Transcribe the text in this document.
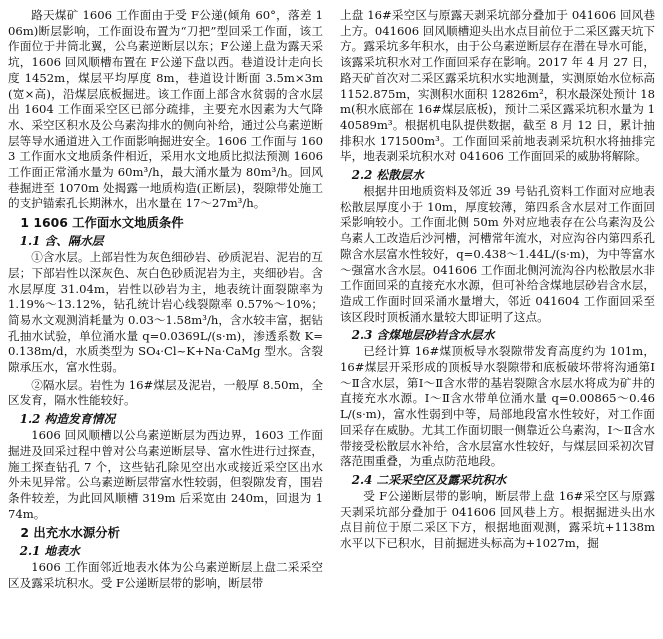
路天煤矿 1606 工作面由于受 F公递(倾角 60°，落差 106m)断层影响，工作面设布置为“刀把”型回采工作面，该工作面位于井筒北翼，公乌素逆断层以东；F公递上盘为露天采坑，1606 回风顺槽布置在 F公递下盘以西。巷道设计走向长度 1452m，煤层平均厚度 8m，巷道设计断面 3.5m×3m(宽×高)，沿煤层底板掘进。该工作面上部含水贫弱的含水层出 1604 工作面采空区已部分疏排，主要充水因素为大气降水、采空区积水及公乌素沟排水的侧向补给，通过公乌素逆断层等导水通道进入工作面影响掘进安全。1606 工作面与 1603 工作面水文地质条件相近，采用水文地质比拟法预测 1606 工作面正常涌水量为 60m³/h，最大涌水量为 80m³/h。回风巷掘进至 1070m 处揭露一地质构造(正断层)，裂隙带处施工的支护锚索孔长期淋水，出水量在 17～27m³/h。

1 1606 工作面水文地质条件
1.1 含、隔水层

①含水层。上部岩性为灰色细砂岩、砂质泥岩、泥岩的互层；下部岩性以深灰色、灰白色砂质泥岩为主，夹细砂岩。含水层厚度 31.04m，岩性以砂岩为主，地表统计面裂隙率为 1.19%～13.12%，钻孔统计岩心线裂隙率 0.57%～10%；简易水文观测消耗量为 0.03～1.58m³/h，含水较丰富，据钻孔抽水试验，单位涌水量 q=0.0369L/(s·m)，渗透系数 K=0.138m/d，水质类型为 SO₄·Cl~K+Na·CaMg 型水。含裂隙承压水，富水性弱。

②隔水层。岩性为 16#煤层及泥岩，一般厚 8.50m，全区发育，隔水性能较好。

1.2 构造发育情况

1606 回风顺槽以公乌素逆断层为西边界，1603 工作面掘进及回采过程中曾对公乌素逆断层导、富水性进行过探查，施工探查钻孔 7 个，这些钻孔除见空出水或接近采空区出水外未见异常。公乌素逆断层带富水性较弱，但裂隙发育，围岩条件较差，为此回风顺槽 319m 后采宽由 240m，回退为 174m。

2 出充水水源分析
2.1 地表水

1606 工作面邻近地表水体为公乌素逆断层上盘二采采空区及露采坑积水。受 F公递断层带的影响，断层带

上盘 16#采空区与原露天剥采坑部分叠加于 041606 回风巷上方。041606 回风顺槽迎头出水点目前位于二采区露天坑下方。露采坑多年积水，由于公乌素逆断层存在潜在导水可能，该露采坑积水对工作面回采存在影响。2017 年 4 月 27 日，路天矿首次对二采区露采坑积水实地测量，实测原始水位标高 1152.875m，实测积水面积 12826m²，积水最深处预计 18m(积水底部在 16#煤层底板)，预计二采区露采坑积水量为 140589m³。根据机电队提供数据，截至 8 月 12 日，累计抽排积水 171500m³。工作面回采前地表剥采坑积水将抽排完毕，地表剥采坑积水对 041606 工作面回采的威胁将解除。

2.2 松散层水

根据井田地质资料及邻近 39 号钻孔资料工作面对应地表松散层厚度小于 10m，厚度较薄，第四系含水层对工作面回采影响较小。工作面北侧 50m 外对应地表存在公乌素沟及公乌素人工改造后沙河槽，河槽常年流水，对应沟谷内第四系孔隙含水层富水性较好，q=0.438～1.44L/(s·m)，为中等富水～强富水含水层。041606 工作面北侧河流沟谷内松散层水非工作面回采的直接充水水源，但可补给含煤地层砂岩含水层，造成工作面时回采涌水量增大，邻近 041604 工作面回采至该区段时顶板涌水量较大即证明了这点。

2.3 含煤地层砂岩含水层水

已经计算 16#煤顶板导水裂隙带发育高度约为 101m，16#煤层开采形成的顶板导水裂隙带和底板破坏带将沟通第Ⅰ～Ⅱ含水层，第Ⅰ～Ⅱ含水带的基岩裂隙含水层水将成为矿井的直接充水水源。Ⅰ～Ⅱ含水带单位涌水量 q=0.00865～0.46L/(s·m)，富水性弱到中等，局部地段富水性较好，对工作面回采存在威胁。尤其工作面切眼一侧靠近公乌素沟，Ⅰ～Ⅱ含水带接受松散层水补给，含水层富水性较好，与煤层回采初次冒落范围重叠，为重点防范地段。

2.4 二采采空区及露采坑积水

受 F公递断层带的影响，断层带上盘 16#采空区与原露天剥采坑部分叠加于 041606 回风巷上方。根据掘进头出水点目前位于原二采区下方，根据地面观测，露采坑+1138m 水平以下已积水，目前掘进头标高为+1027m，掘
